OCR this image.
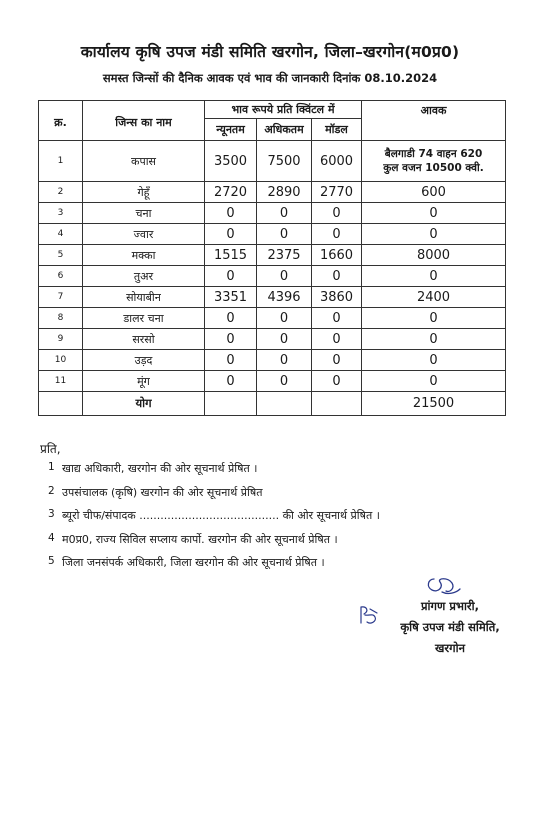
कार्यालय कृषि उपज मंडी समिति खरगोन, जिला–खरगोन(म0प्र0)
समस्त जिन्सों की दैनिक आवक एवं भाव की जानकारी दिनांक 08.10.2024
क्र.	जिन्स का नाम	भाव रूपये प्रति क्विंटल में			आवक
		न्यूनतम	अधिकतम	मॉडल	
1	कपास	3500	7500	6000	बैलगाडी 74 वाहन 620
कुल वजन 10500 क्वी.

2	गेहूँ	2720	2890	2770	600
3	चना	0	0	0	0
4	ज्वार	0	0	0	0
5	मक्का	1515	2375	1660	8000
6	तुअर	0	0	0	0
7	सोयाबीन	3351	4396	3860	2400
8	डालर चना	0	0	0	0
9	सरसो	0	0	0	0
10	उड़द	0	0	0	0
11	मूंग	0	0	0	0
	योग				21500
प्रति,
1 खाद्य अधिकारी, खरगोन की ओर सूचनार्थ प्रेषित ।
2 उपसंचालक (कृषि) खरगोन की ओर सूचनार्थ प्रेषित
3 ब्यूरो चीफ/संपादक ........................................ की ओर सूचनार्थ प्रेषित ।
4 म0प्र0, राज्य सिविल सप्लाय कार्पो. खरगोन की ओर सूचनार्थ प्रेषित ।
5 जिला जनसंपर्क अधिकारी, जिला खरगोन की ओर सूचनार्थ प्रेषित ।
प्रांगण प्रभारी,
कृषि उपज मंडी समिति,
खरगोन
